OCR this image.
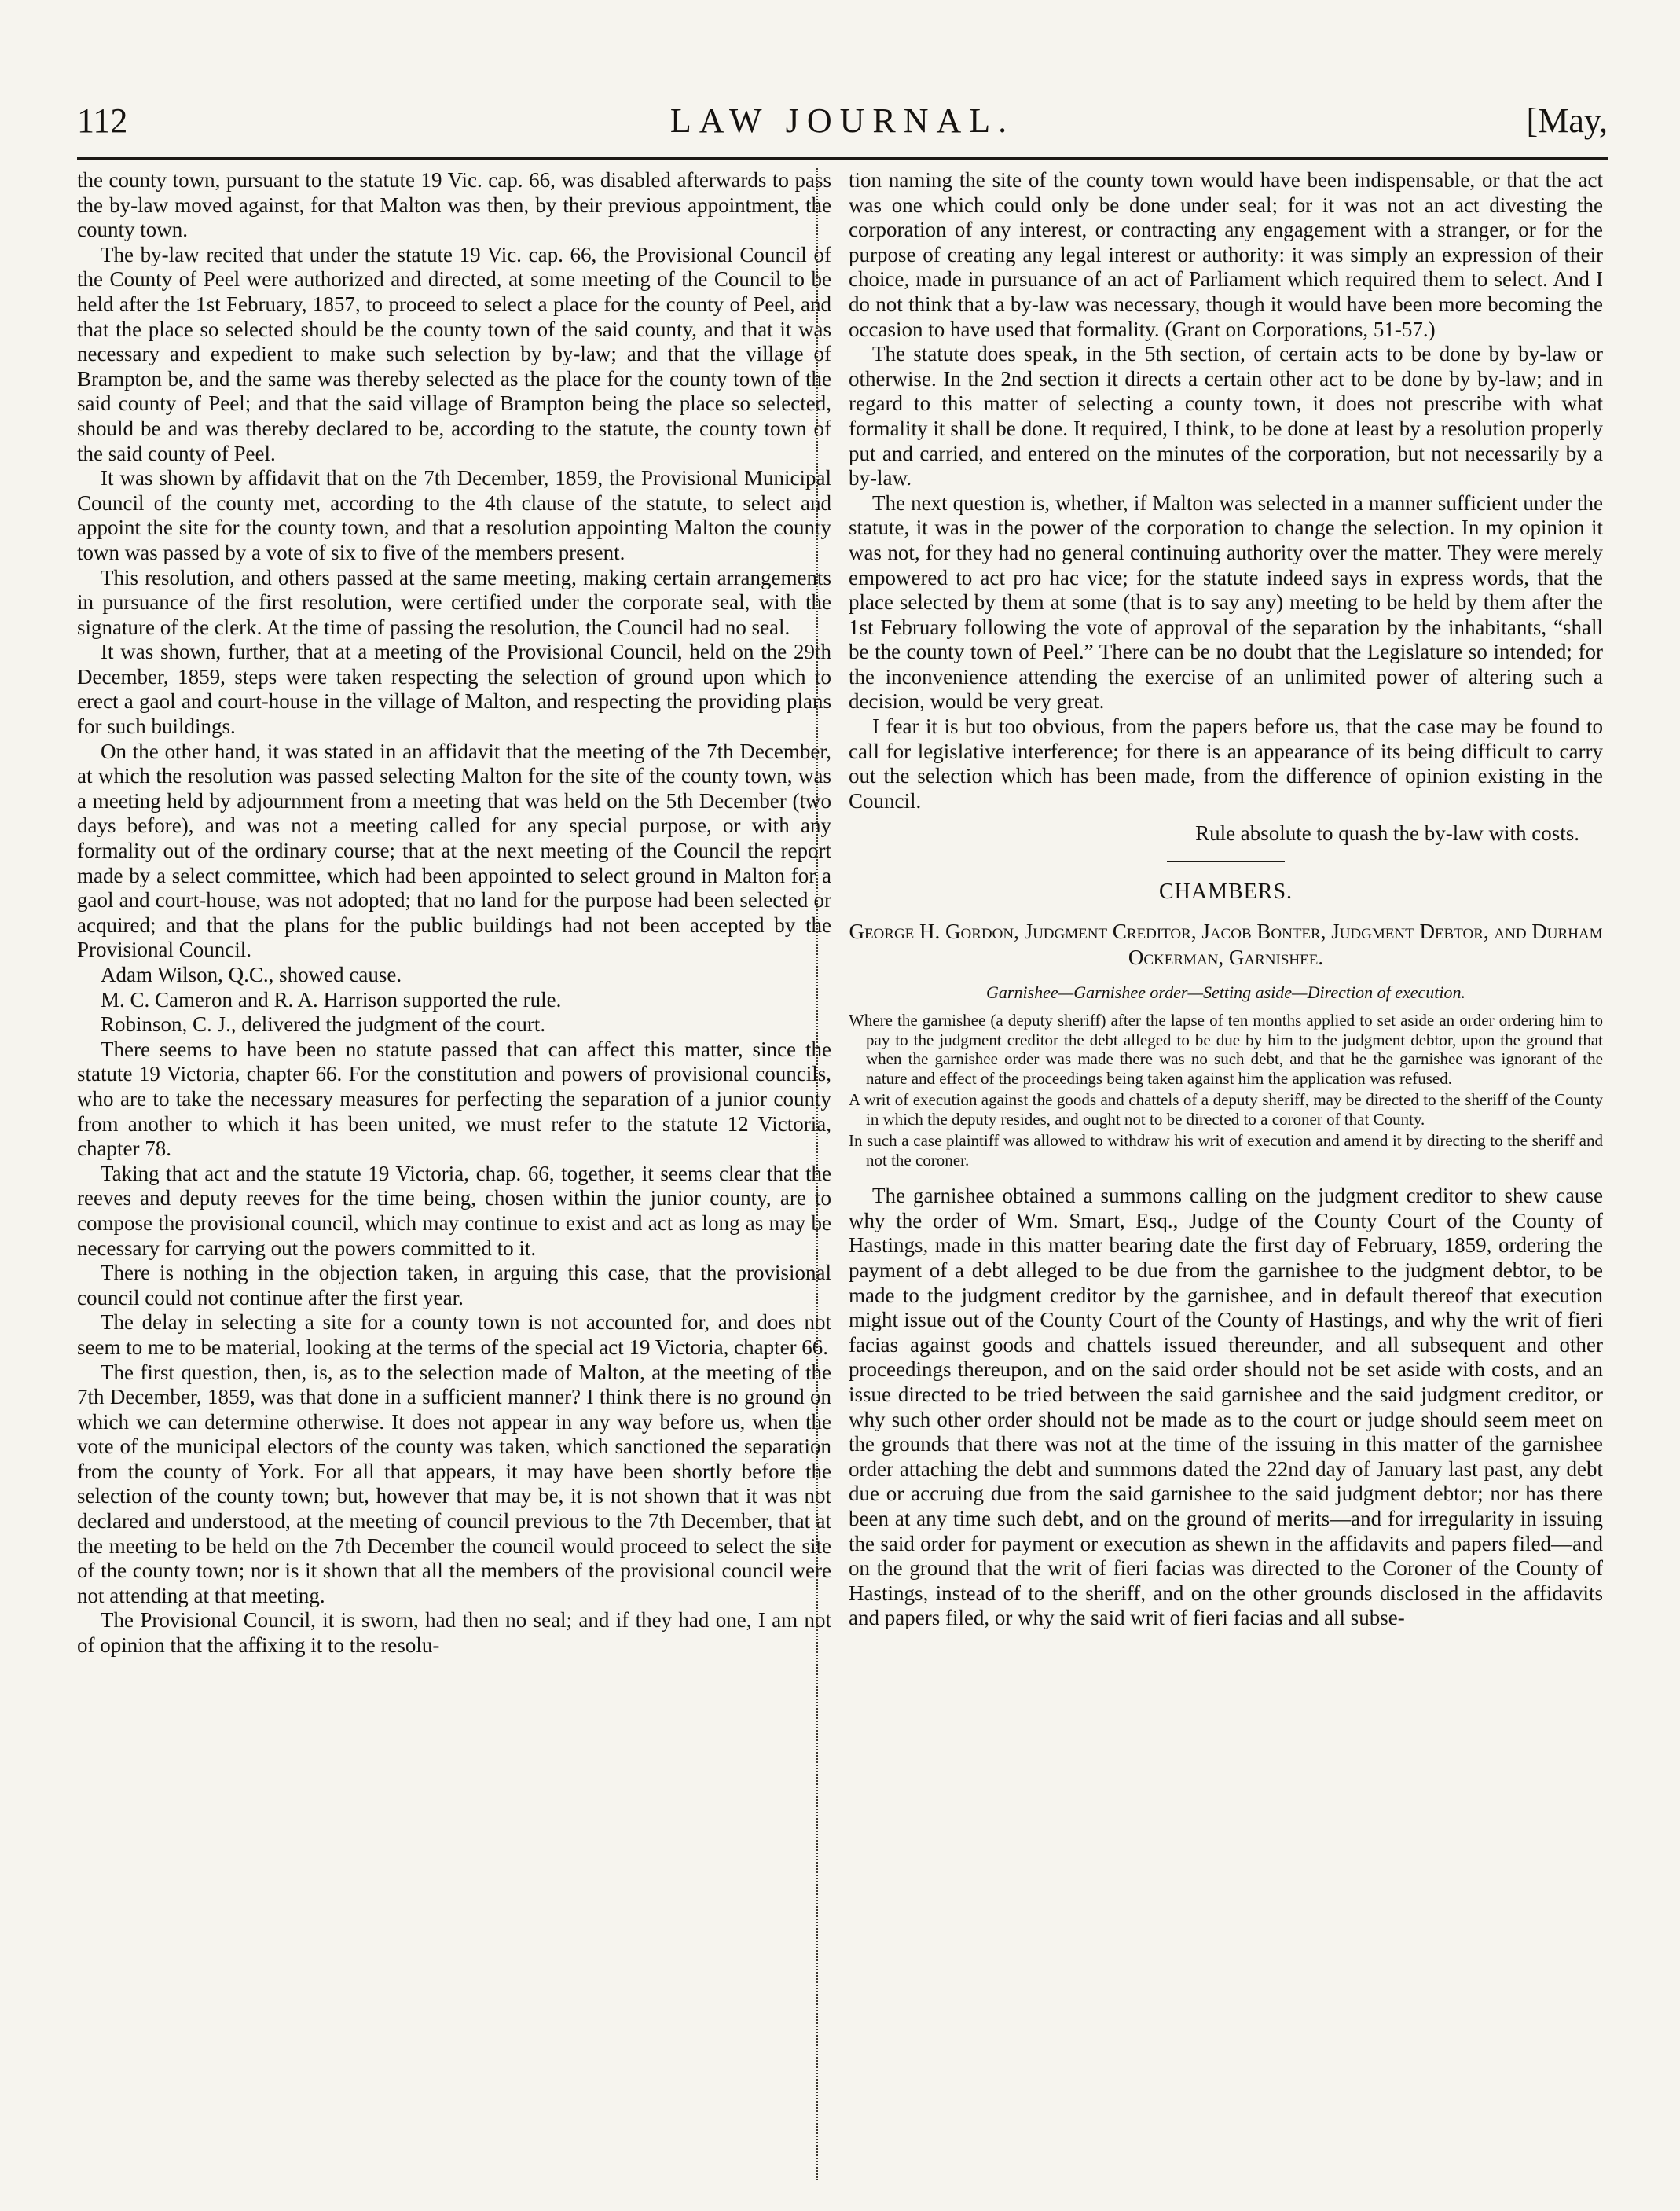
112	LAW JOURNAL.	[May,

the county town, pursuant to the statute 19 Vic. cap. 66, was disabled afterwards to pass the by-law moved against, for that Malton was then, by their previous appointment, the county town.

The by-law recited that under the statute 19 Vic. cap. 66, the Provisional Council of the County of Peel were authorized and directed, at some meeting of the Council to be held after the 1st February, 1857, to proceed to select a place for the county of Peel, and that the place so selected should be the county town of the said county, and that it was necessary and expedient to make such selection by by-law; and that the village of Brampton be, and the same was thereby selected as the place for the county town of the said county of Peel; and that the said village of Brampton being the place so selected, should be and was thereby declared to be, according to the statute, the county town of the said county of Peel.

It was shown by affidavit that on the 7th December, 1859, the Provisional Municipal Council of the county met, according to the 4th clause of the statute, to select and appoint the site for the county town, and that a resolution appointing Malton the county town was passed by a vote of six to five of the members present.

This resolution, and others passed at the same meeting, making certain arrangements in pursuance of the first resolution, were certified under the corporate seal, with the signature of the clerk. At the time of passing the resolution, the Council had no seal.

It was shown, further, that at a meeting of the Provisional Council, held on the 29th December, 1859, steps were taken respecting the selection of ground upon which to erect a gaol and court-house in the village of Malton, and respecting the providing plans for such buildings.

On the other hand, it was stated in an affidavit that the meeting of the 7th December, at which the resolution was passed selecting Malton for the site of the county town, was a meeting held by adjournment from a meeting that was held on the 5th December (two days before), and was not a meeting called for any special purpose, or with any formality out of the ordinary course; that at the next meeting of the Council the report made by a select committee, which had been appointed to select ground in Malton for a gaol and court-house, was not adopted; that no land for the purpose had been selected or acquired; and that the plans for the public buildings had not been accepted by the Provisional Council.

Adam Wilson, Q.C., showed cause.

M. C. Cameron and R. A. Harrison supported the rule.

Robinson, C. J., delivered the judgment of the court.

There seems to have been no statute passed that can affect this matter, since the statute 19 Victoria, chapter 66. For the constitution and powers of provisional councils, who are to take the necessary measures for perfecting the separation of a junior county from another to which it has been united, we must refer to the statute 12 Victoria, chapter 78.

Taking that act and the statute 19 Victoria, chap. 66, together, it seems clear that the reeves and deputy reeves for the time being, chosen within the junior county, are to compose the provisional council, which may continue to exist and act as long as may be necessary for carrying out the powers committed to it.

There is nothing in the objection taken, in arguing this case, that the provisional council could not continue after the first year.

The delay in selecting a site for a county town is not accounted for, and does not seem to me to be material, looking at the terms of the special act 19 Victoria, chapter 66.

The first question, then, is, as to the selection made of Malton, at the meeting of the 7th December, 1859, was that done in a sufficient manner? I think there is no ground on which we can determine otherwise. It does not appear in any way before us, when the vote of the municipal electors of the county was taken, which sanctioned the separation from the county of York. For all that appears, it may have been shortly before the selection of the county town; but, however that may be, it is not shown that it was not declared and understood, at the meeting of council previous to the 7th December, that at the meeting to be held on the 7th December the council would proceed to select the site of the county town; nor is it shown that all the members of the provisional council were not attending at that meeting.

The Provisional Council, it is sworn, had then no seal; and if they had one, I am not of opinion that the affixing it to the resolu-

tion naming the site of the county town would have been indispensable, or that the act was one which could only be done under seal; for it was not an act divesting the corporation of any interest, or contracting any engagement with a stranger, or for the purpose of creating any legal interest or authority: it was simply an expression of their choice, made in pursuance of an act of Parliament which required them to select. And I do not think that a by-law was necessary, though it would have been more becoming the occasion to have used that formality. (Grant on Corporations, 51-57.)

The statute does speak, in the 5th section, of certain acts to be done by by-law or otherwise. In the 2nd section it directs a certain other act to be done by by-law; and in regard to this matter of selecting a county town, it does not prescribe with what formality it shall be done. It required, I think, to be done at least by a resolution properly put and carried, and entered on the minutes of the corporation, but not necessarily by a by-law.

The next question is, whether, if Malton was selected in a manner sufficient under the statute, it was in the power of the corporation to change the selection. In my opinion it was not, for they had no general continuing authority over the matter. They were merely empowered to act pro hac vice; for the statute indeed says in express words, that the place selected by them at some (that is to say any) meeting to be held by them after the 1st February following the vote of approval of the separation by the inhabitants, “shall be the county town of Peel.” There can be no doubt that the Legislature so intended; for the inconvenience attending the exercise of an unlimited power of altering such a decision, would be very great.

I fear it is but too obvious, from the papers before us, that the case may be found to call for legislative interference; for there is an appearance of its being difficult to carry out the selection which has been made, from the difference of opinion existing in the Council.

Rule absolute to quash the by-law with costs.

CHAMBERS.
George H. Gordon, Judgment Creditor, Jacob Bonter, Judgment Debtor, and Durham Ockerman, Garnishee.
Garnishee—Garnishee order—Setting aside—Direction of execution.

Where the garnishee (a deputy sheriff) after the lapse of ten months applied to set aside an order ordering him to pay to the judgment creditor the debt alleged to be due by him to the judgment debtor, upon the ground that when the garnishee order was made there was no such debt, and that he the garnishee was ignorant of the nature and effect of the proceedings being taken against him the application was refused.

A writ of execution against the goods and chattels of a deputy sheriff, may be directed to the sheriff of the County in which the deputy resides, and ought not to be directed to a coroner of that County.

In such a case plaintiff was allowed to withdraw his writ of execution and amend it by directing to the sheriff and not the coroner.

The garnishee obtained a summons calling on the judgment creditor to shew cause why the order of Wm. Smart, Esq., Judge of the County Court of the County of Hastings, made in this matter bearing date the first day of February, 1859, ordering the payment of a debt alleged to be due from the garnishee to the judgment debtor, to be made to the judgment creditor by the garnishee, and in default thereof that execution might issue out of the County Court of the County of Hastings, and why the writ of fieri facias against goods and chattels issued thereunder, and all subsequent and other proceedings thereupon, and on the said order should not be set aside with costs, and an issue directed to be tried between the said garnishee and the said judgment creditor, or why such other order should not be made as to the court or judge should seem meet on the grounds that there was not at the time of the issuing in this matter of the garnishee order attaching the debt and summons dated the 22nd day of January last past, any debt due or accruing due from the said garnishee to the said judgment debtor; nor has there been at any time such debt, and on the ground of merits—and for irregularity in issuing the said order for payment or execution as shewn in the affidavits and papers filed—and on the ground that the writ of fieri facias was directed to the Coroner of the County of Hastings, instead of to the sheriff, and on the other grounds disclosed in the affidavits and papers filed, or why the said writ of fieri facias and all subse-
